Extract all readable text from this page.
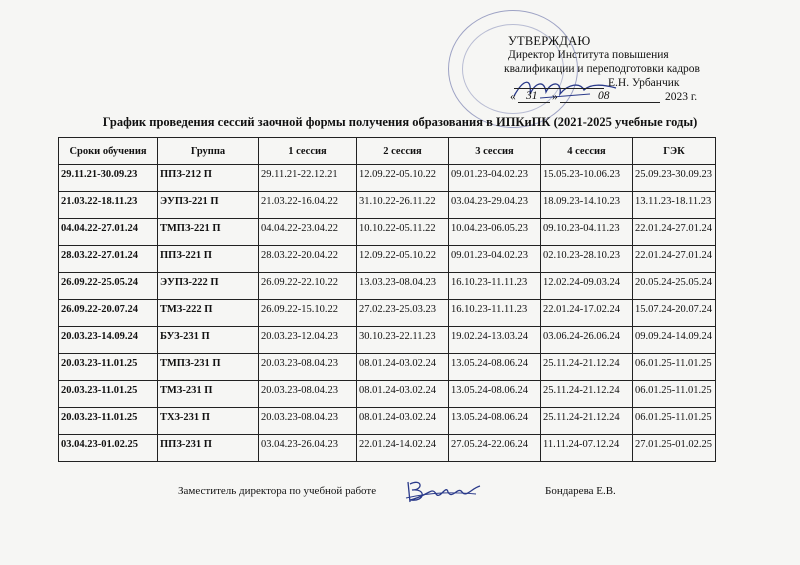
УТВЕРЖДАЮ
Директор Института повышения
квалификации и переподготовки кадров
Е.Н. Урбанчик
« 31 »	08	2023 г.
График проведения сессий заочной формы получения образования в ИПКиПК (2021-2025 учебные годы)
Сроки обучения	Группа	1 сессия	2 сессия	3 сессия	4 сессия	ГЭК
29.11.21-30.09.23	ППЗ-212 П	29.11.21-22.12.21	12.09.22-05.10.22	09.01.23-04.02.23	15.05.23-10.06.23	25.09.23-30.09.23
21.03.22-18.11.23	ЭУПЗ-221 П	21.03.22-16.04.22	31.10.22-26.11.22	03.04.23-29.04.23	18.09.23-14.10.23	13.11.23-18.11.23
04.04.22-27.01.24	ТМПЗ-221 П	04.04.22-23.04.22	10.10.22-05.11.22	10.04.23-06.05.23	09.10.23-04.11.23	22.01.24-27.01.24
28.03.22-27.01.24	ППЗ-221 П	28.03.22-20.04.22	12.09.22-05.10.22	09.01.23-04.02.23	02.10.23-28.10.23	22.01.24-27.01.24
26.09.22-25.05.24	ЭУПЗ-222 П	26.09.22-22.10.22	13.03.23-08.04.23	16.10.23-11.11.23	12.02.24-09.03.24	20.05.24-25.05.24
26.09.22-20.07.24	ТМЗ-222 П	26.09.22-15.10.22	27.02.23-25.03.23	16.10.23-11.11.23	22.01.24-17.02.24	15.07.24-20.07.24
20.03.23-14.09.24	БУЗ-231 П	20.03.23-12.04.23	30.10.23-22.11.23	19.02.24-13.03.24	03.06.24-26.06.24	09.09.24-14.09.24
20.03.23-11.01.25	ТМПЗ-231 П	20.03.23-08.04.23	08.01.24-03.02.24	13.05.24-08.06.24	25.11.24-21.12.24	06.01.25-11.01.25
20.03.23-11.01.25	ТМЗ-231 П	20.03.23-08.04.23	08.01.24-03.02.24	13.05.24-08.06.24	25.11.24-21.12.24	06.01.25-11.01.25
20.03.23-11.01.25	ТХЗ-231 П	20.03.23-08.04.23	08.01.24-03.02.24	13.05.24-08.06.24	25.11.24-21.12.24	06.01.25-11.01.25
03.04.23-01.02.25	ППЗ-231 П	03.04.23-26.04.23	22.01.24-14.02.24	27.05.24-22.06.24	11.11.24-07.12.24	27.01.25-01.02.25
Заместитель директора по учебной работе	Бондарева Е.В.
